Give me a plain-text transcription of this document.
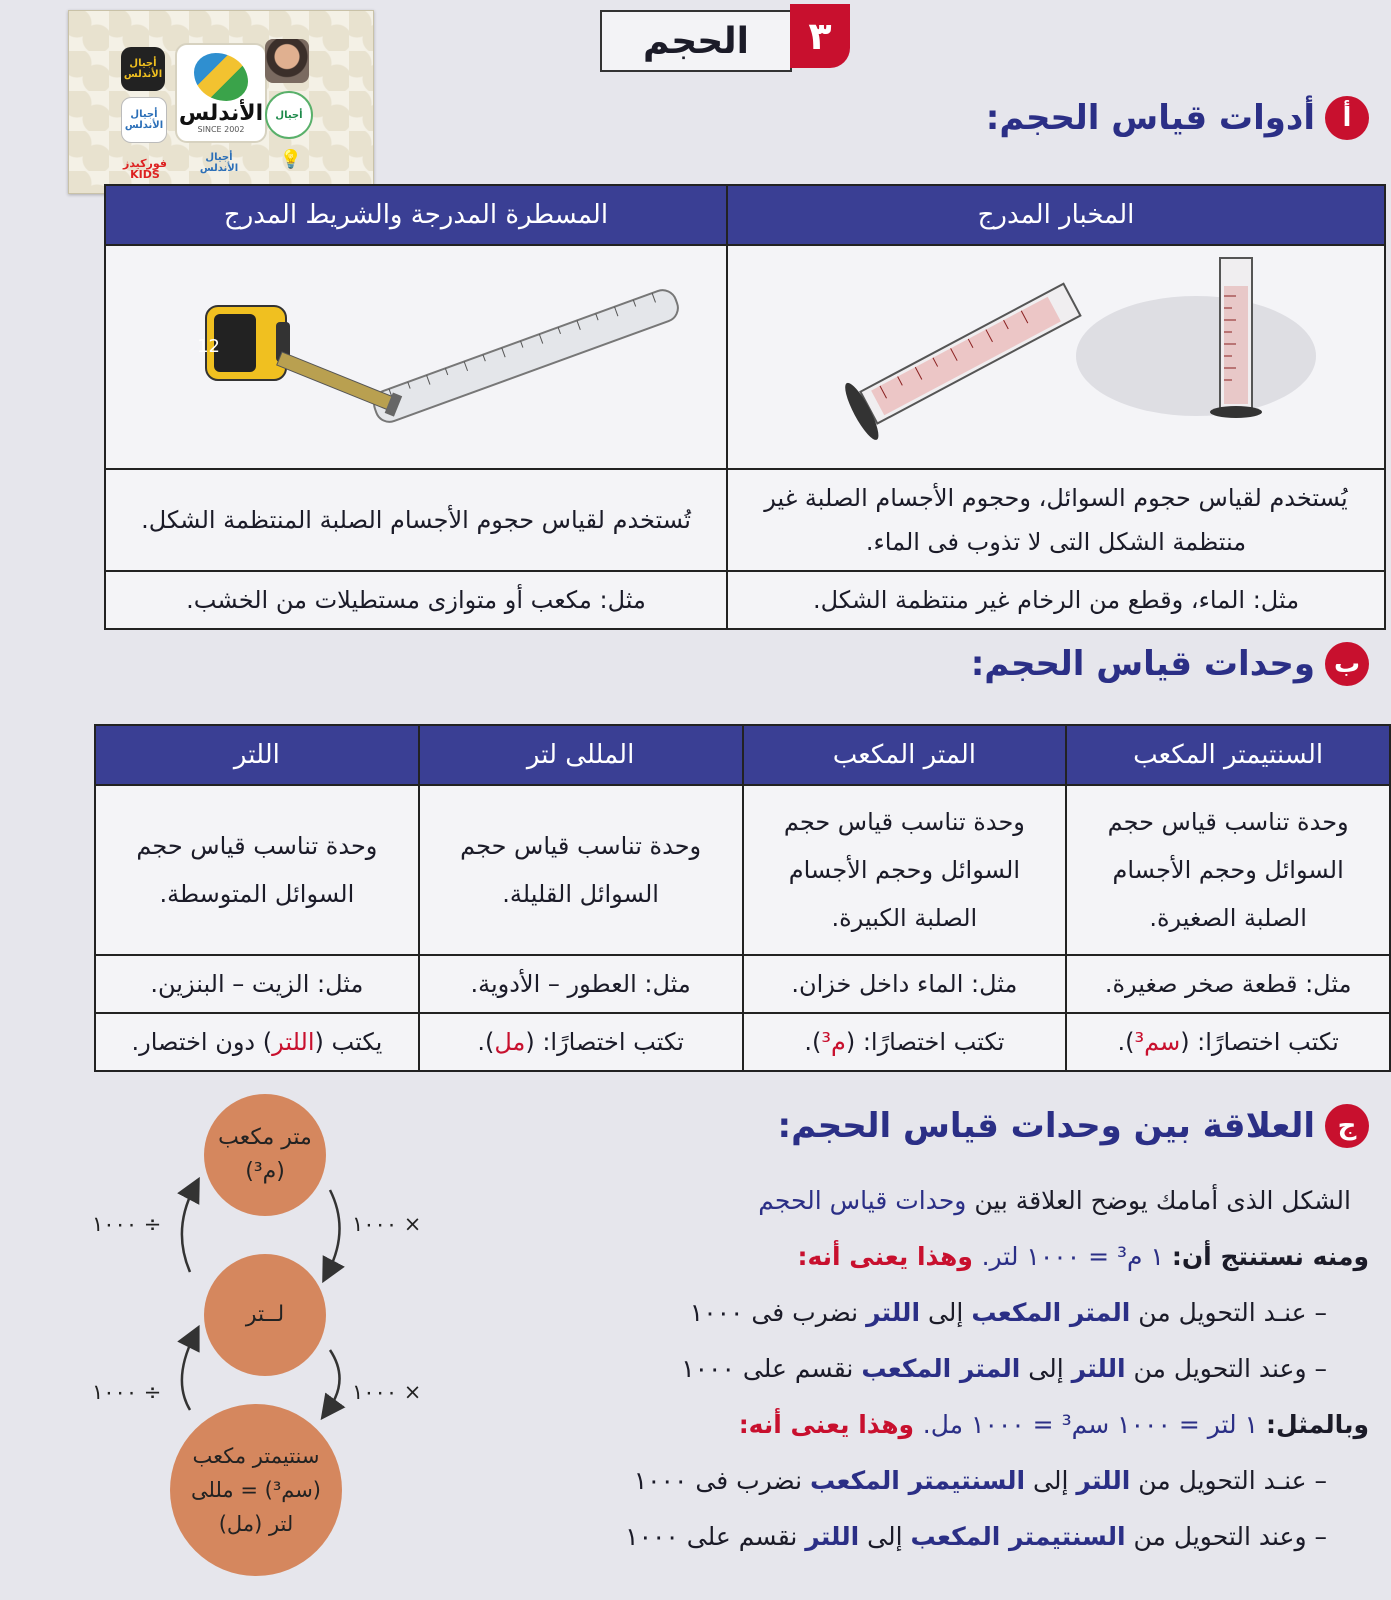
أجيال الأندلس
أجيال الأندلس
فوركيدز KIDS
الأندلس
SINCE 2002
أجيال
أجيال الأندلس	💡
الحجم	٣
أ
أدوات قياس الحجم:
المخبار المدرج	المسطرة المدرجة والشريط المدرج

12

يُستخدم لقياس حجوم السوائل، وحجوم الأجسام الصلبة غير منتظمة الشكل التى لا تذوب فى الماء.	تُستخدم لقياس حجوم الأجسام الصلبة المنتظمة الشكل.
مثل: الماء، وقطع من الرخام غير منتظمة الشكل.	مثل: مكعب أو متوازى مستطيلات من الخشب.
ب
وحدات قياس الحجم:
السنتيمتر المكعب	المتر المكعب	المللى لتر	اللتر
وحدة تناسب قياس حجم السوائل وحجم الأجسام الصلبة الصغيرة.	وحدة تناسب قياس حجم السوائل وحجم الأجسام الصلبة الكبيرة.	وحدة تناسب قياس حجم السوائل القليلة.	وحدة تناسب قياس حجم السوائل المتوسطة.
مثل: قطعة صخر صغيرة.	مثل: الماء داخل خزان.	مثل: العطور – الأدوية.	مثل: الزيت – البنزين.
تكتب اختصارًا: (سم³).	تكتب اختصارًا: (م³).	تكتب اختصارًا: (مل).	يكتب (اللتر) دون اختصار.
ج
العلاقة بين وحدات قياس الحجم:
متر مكعب
(م³)
لــتر
سنتيمتر مكعب
(سم³) = مللى
لتر (مل)
× ١٠٠٠
÷ ١٠٠٠
× ١٠٠٠
÷ ١٠٠٠
الشكل الذى أمامك يوضح العلاقة بين وحدات قياس الحجم
ومنه نستنتج أن: ١ م³ = ١٠٠٠ لتر. وهذا يعنى أنه:
– عنـد التحويل من المتر المكعب إلى اللتر نضرب فى ١٠٠٠
– وعند التحويل من اللتر إلى المتر المكعب نقسم على ١٠٠٠
وبالمثل: ١ لتر = ١٠٠٠ سم³ = ١٠٠٠ مل. وهذا يعنى أنه:
– عنـد التحويل من اللتر إلى السنتيمتر المكعب نضرب فى ١٠٠٠
– وعند التحويل من السنتيمتر المكعب إلى اللتر نقسم على ١٠٠٠
